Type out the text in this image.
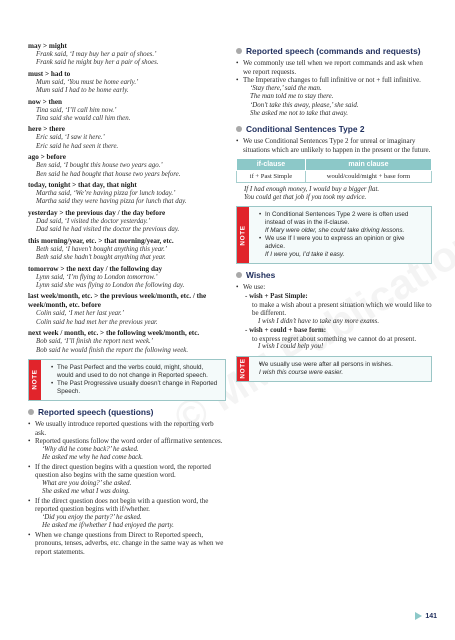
may > might
Frank said, ‘I may buy her a pair of shoes.’
Frank said he might buy her a pair of shoes.
must > had to
Mum said, ‘You must be home early.’
Mum said I had to be home early.
now > then
Tina said, ‘I’ll call him now.’
Tina said she would call him then.
here > there
Eric said, ‘I saw it here.’
Eric said he had seen it there.
ago > before
Ben said, ‘I bought this house two years ago.’
Ben said he had bought that house two years before.
today, tonight > that day, that night
Martha said, ‘We’re having pizza for lunch today.’
Martha said they were having pizza for lunch that day.
yesterday > the previous day / the day before
Dad said, ‘I visited the doctor yesterday.’
Dad said he had visited the doctor the previous day.
this morning/year, etc. > that morning/year, etc.
Beth said, ‘I haven’t bought anything this year.’
Beth said she hadn’t bought anything that year.
tomorrow > the next day / the following day
Lynn said, ‘I’m flying to London tomorrow.’
Lynn said she was flying to London the following day.
last week/month, etc. > the previous week/month, etc. / the week/month, etc. before
Colin said, ‘I met her last year.’
Colin said he had met her the previous year.
next week / month, etc. > the following week/month, etc.
Bob said, ‘I’ll finish the report next week.’
Bob said he would finish the report the following week.
NOTE
• The Past Perfect and the verbs could, might, should, would and used to do not change in Reported speech.
• The Past Progressive usually doesn’t change in Reported Speech.
Reported speech (questions)
• We usually introduce reported questions with the reporting verb ask.
• Reported questions follow the word order of affirmative sentences.
‘Why did he come back?’ he asked.
He asked me why he had come back.
• If the direct question begins with a question word, the reported question also begins with the same question word.
What are you doing?’ she asked.
She asked me what I was doing.
• If the direct question does not begin with a question word, the reported question begins with if/whether.
‘Did you enjoy the party?’ he asked.
He asked me if/whether I had enjoyed the party.
• When we change questions from Direct to Reported speech, pronouns, tenses, adverbs, etc. change in the same way as when we report statements.
Reported speech (commands and requests)
• We commonly use tell when we report commands and ask when we report requests.
• The Imperative changes to full infinitive or not + full infinitive.
‘Stay there,’ said the man.
The man told me to stay there.
‘Don’t take this away, please,’ she said.
She asked me not to take that away.
Conditional Sentences Type 2
• We use Conditional Sentences Type 2 for unreal or imaginary situations which are unlikely to happen in the present or the future.
if-clause	main clause
if + Past Simple	would/could/might + base form
If I had enough money, I would buy a bigger flat.
You could get that job if you took my advice.
NOTE
• In Conditional Sentences Type 2 were is often used instead of was in the if-clause.
If Mary were older, she could take driving lessons.
• We use If I were you to express an opinion or give advice.
If I were you, I’d take it easy.
Wishes
• We use:
- wish + Past Simple:
to make a wish about a present situation which we would like to be different.
I wish I didn’t have to take any more exams.
- wish + could + base form:
to express regret about something we cannot do at present.
I wish I could help you!
NOTE • We usually use were after all persons in wishes.
I wish this course were easier.
141
